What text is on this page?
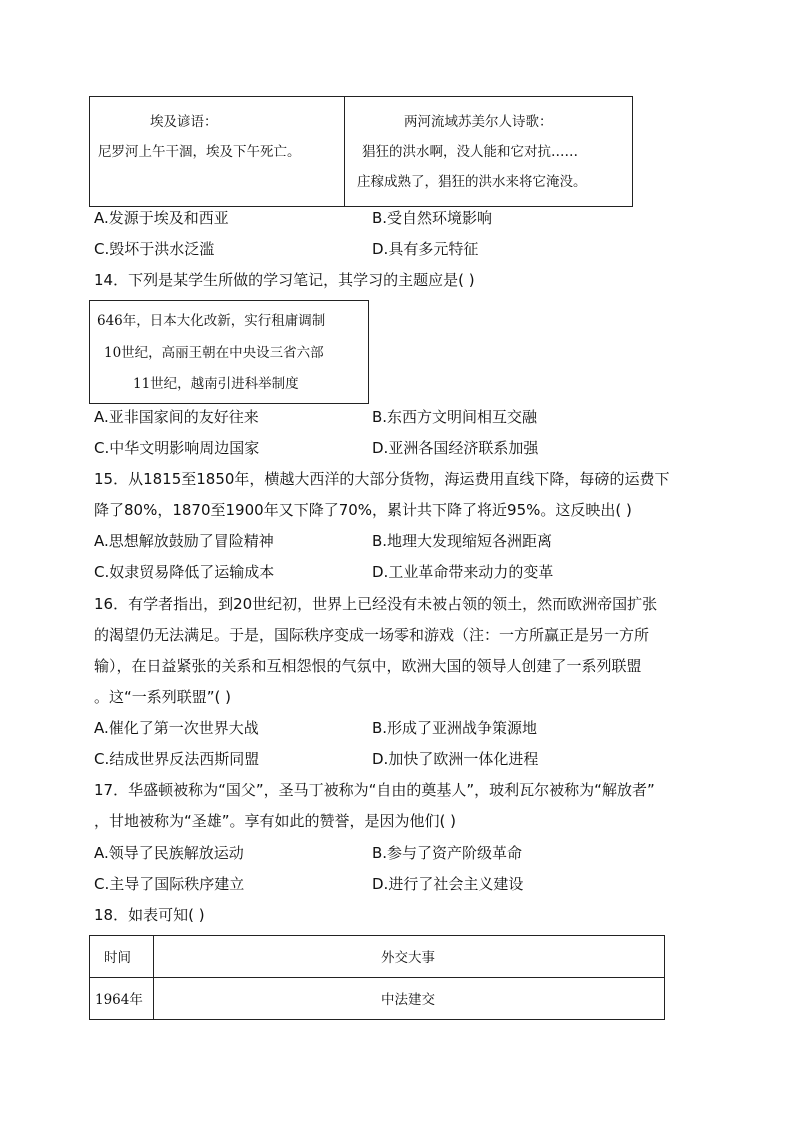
埃及谚语：
尼罗河上午干涸，埃及下午死亡。
两河流域苏美尔人诗歌：
猖狂的洪水啊，没人能和它对抗……
庄稼成熟了，猖狂的洪水来将它淹没。
A.发源于埃及和西亚	B.受自然环境影响
C.毁坏于洪水泛滥	D.具有多元特征
14．下列是某学生所做的学习笔记，其学习的主题应是( )
646年，日本大化改新，实行租庸调制
10世纪，高丽王朝在中央设三省六部
11世纪，越南引进科举制度
A.亚非国家间的友好往来	B.东西方文明间相互交融
C.中华文明影响周边国家	D.亚洲各国经济联系加强
15．从1815至1850年，横越大西洋的大部分货物，海运费用直线下降，每磅的运费下
降了80%，1870至1900年又下降了70%，累计共下降了将近95%。这反映出( )
A.思想解放鼓励了冒险精神	B.地理大发现缩短各洲距离
C.奴隶贸易降低了运输成本	D.工业革命带来动力的变革
16．有学者指出，到20世纪初，世界上已经没有未被占领的领土，然而欧洲帝国扩张
的渴望仍无法满足。于是，国际秩序变成一场零和游戏（注：一方所赢正是另一方所
输），在日益紧张的关系和互相怨恨的气氛中，欧洲大国的领导人创建了一系列联盟
。这“一系列联盟”( )
A.催化了第一次世界大战	B.形成了亚洲战争策源地
C.结成世界反法西斯同盟	D.加快了欧洲一体化进程
17．华盛顿被称为“国父”，圣马丁被称为“自由的奠基人”，玻利瓦尔被称为“解放者”
，甘地被称为“圣雄”。享有如此的赞誉，是因为他们( )
A.领导了民族解放运动	B.参与了资产阶级革命
C.主导了国际秩序建立	D.进行了社会主义建设
18．如表可知( )
时间	外交大事
1964年	中法建交
